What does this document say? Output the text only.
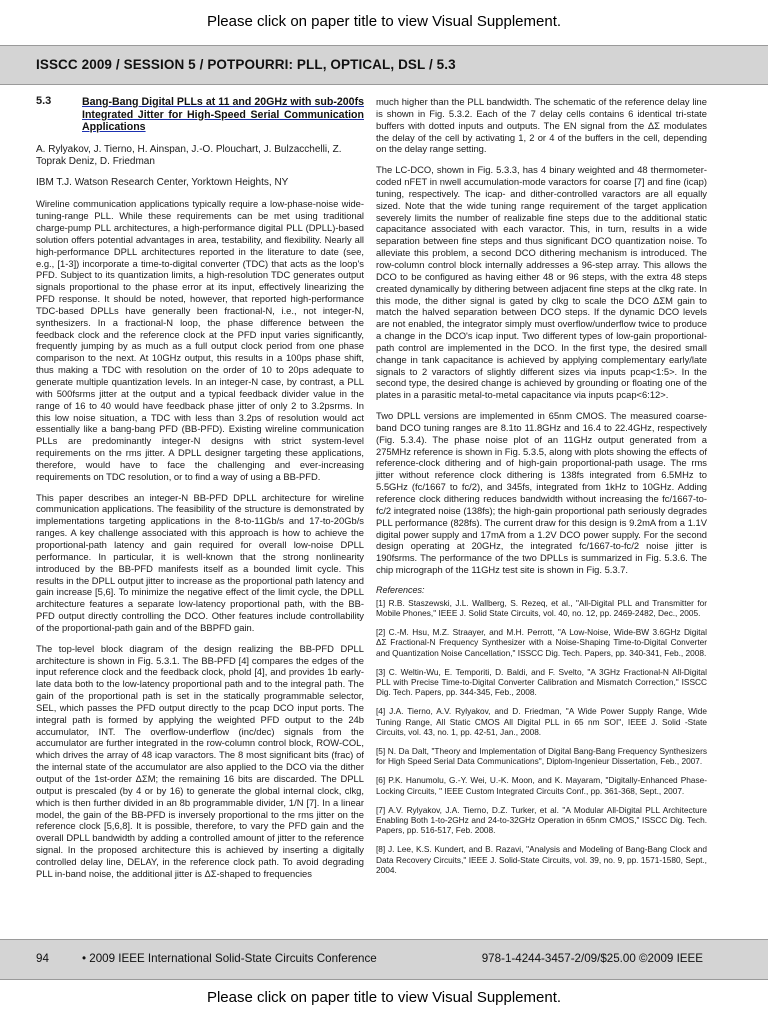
Please click on paper title to view Visual Supplement.
ISSCC 2009 / SESSION 5 / POTPOURRI: PLL, OPTICAL, DSL / 5.3
5.3	Bang-Bang Digital PLLs at 11 and 20GHz with sub-200fs Integrated Jitter for High-Speed Serial Communication Applications
A. Rylyakov, J. Tierno, H. Ainspan, J.-O. Plouchart, J. Bulzacchelli, Z. Toprak Deniz, D. Friedman
IBM T.J. Watson Research Center, Yorktown Heights, NY

Wireline communication applications typically require a low-phase-noise wide-tuning-range PLL. While these requirements can be met using traditional charge-pump PLL architectures, a high-performance digital PLL (DPLL)-based solution offers potential advantages in area, testability, and flexibility. Nearly all high-performance DPLL architectures reported in the literature to date (see, e.g., [1-3]) incorporate a time-to-digital converter (TDC) that acts as the loop's PFD. Subject to its quantization limits, a high-resolution TDC generates output signals proportional to the phase error at its input, effectively linearizing the PFD response. It should be noted, however, that reported high-performance TDC-based DPLLs have generally been fractional-N, i.e., not integer-N, synthesizers. In a fractional-N loop, the phase difference between the feedback clock and the reference clock at the PFD input varies significantly, frequently jumping by as much as a full output clock period from one phase comparison to the next. At 10GHz output, this results in a 100ps phase shift, thus making a TDC with resolution on the order of 10 to 20ps adequate to generate multiple quantization levels. In an integer-N case, by contrast, a PLL with 500fsrms jitter at the output and a typical feedback divider value in the range of 16 to 40 would have feedback phase jitter of only 2 to 3.2psrms. In this low noise situation, a TDC with less than 3.2ps of resolution would act essentially like a bang-bang PFD (BB-PFD). Existing wireline communication PLLs are predominantly integer-N designs with strict system-level requirements on the rms jitter. A DPLL designer targeting these applications, therefore, would have to face the challenging and ever-increasing requirements on TDC resolution, or to find a way of using a BB-PFD.

This paper describes an integer-N BB-PFD DPLL architecture for wireline communication applications. The feasibility of the structure is demonstrated by implementations targeting applications in the 8-to-11Gb/s and 17-to-20Gb/s ranges. A key challenge associated with this approach is how to achieve the proportional-path latency and gain required for overall low-noise DPLL performance. In particular, it is well-known that the strong nonlinearity introduced by the BB-PFD manifests itself as a bounded limit cycle. This results in the DPLL output jitter to increase as the proportional path latency and gain increase [5,6]. To minimize the negative effect of the limit cycle, the DPLL architecture features a separate low-latency proportional path, with the BB-PFD output directly controlling the DCO. Other features include controllability of the proportional-path gain and of the BBPFD gain.

The top-level block diagram of the design realizing the BB-PFD DPLL architecture is shown in Fig. 5.3.1. The BB-PFD [4] compares the edges of the input reference clock and the feedback clock, phold [4], and provides 1b early-late data both to the low-latency proportional path and to the integral path. The gain of the proportional path is set in the statically programmable selector, SEL, which passes the PFD output directly to the pcap DCO input ports. The integral path is formed by applying the weighted PFD output to the 24b accumulator, INT. The overflow-underflow (inc/dec) signals from the accumulator are further integrated in the row-column control block, ROW-COL, which drives the array of 48 icap varactors. The 8 most significant bits (frac) of the internal state of the accumulator are also applied to the DCO via the dither output of the 1st-order ΔΣM; the remaining 16 bits are discarded. The DPLL output is prescaled (by 4 or by 16) to generate the global internal clock, clkg, which is then further divided in an 8b programmable divider, 1/N [7]. In a linear model, the gain of the BB-PFD is inversely proportional to the rms jitter on the reference clock [5,6,8]. It is possible, therefore, to vary the PFD gain and the overall DPLL bandwidth by adding a controlled amount of jitter to the reference signal. In the proposed architecture this is achieved by inserting a digitally controlled delay line, DELAY, in the reference clock path. To avoid degrading PLL in-band noise, the additional jitter is ΔΣ-shaped to frequencies

much higher than the PLL bandwidth. The schematic of the reference delay line is shown in Fig. 5.3.2. Each of the 7 delay cells contains 6 identical tri-state buffers with dotted inputs and outputs. The EN signal from the ΔΣ modulates the delay of the cell by activating 1, 2 or 4 of the buffers in the cell, depending on the delay range setting.

The LC-DCO, shown in Fig. 5.3.3, has 4 binary weighted and 48 thermometer-coded nFET in nwell accumulation-mode varactors for coarse [7] and fine (icap) tuning, respectively. The icap- and dither-controlled varactors are all equally sized. Note that the wide tuning range requirement of the target application severely limits the number of realizable fine steps due to the additional static capacitance associated with each varactor. This, in turn, results in a wide separation between fine steps and thus significant DCO quantization noise. To alleviate this problem, a second DCO dithering mechanism is introduced. The row-column control block internally addresses a 96-step array. This allows the DCO to be configured as having either 48 or 96 steps, with the extra 48 steps created dynamically by dithering between adjacent fine steps at the clkg rate. In this mode, the dither signal is gated by clkg to scale the DCO ΔΣM gain to match the halved separation between DCO steps. If the dynamic DCO levels are not enabled, the integrator simply must overflow/underflow twice to produce a change in the DCO's icap input. Two different types of low-gain proportional-path control are implemented in the DCO. In the first type, the desired small change in tank capacitance is achieved by applying complementary early/late signals to 2 varactors of slightly different sizes via inputs pcap<1:5>. In the second type, the desired change is achieved by grounding or floating one of the plates in a parasitic metal-to-metal capacitance via inputs pcap<6:12>.

Two DPLL versions are implemented in 65nm CMOS. The measured coarse-band DCO tuning ranges are 8.1to 11.8GHz and 16.4 to 22.4GHz, respectively (Fig. 5.3.4). The phase noise plot of an 11GHz output generated from a 275MHz reference is shown in Fig. 5.3.5, along with plots showing the effects of reference-clock dithering and of high-gain proportional-path usage. The rms jitter without reference clock dithering is 138fs integrated from 6.5MHz to 5.5GHz (fc/1667 to fc/2), and 345fs, integrated from 1kHz to 10GHz. Adding reference clock dithering reduces bandwidth without increasing the fc/1667-to-fc/2 integrated noise (138fs); the high-gain proportional path seriously degrades PLL performance (828fs). The current draw for this design is 9.2mA from a 1.1V digital power supply and 17mA from a 1.2V DCO power supply. For the second design operating at 20GHz, the integrated fc/1667-to-fc/2 noise jitter is 190fsrms. The performance of the two DPLLs is summarized in Fig. 5.3.6. The chip micrograph of the 11GHz test site is shown in Fig. 5.3.7.

References:

[1] R.B. Staszewski, J.L. Wallberg, S. Rezeq, et al., "All-Digital PLL and Transmitter for Mobile Phones," IEEE J. Solid State Circuits, vol. 40, no. 12, pp. 2469-2482, Dec., 2005.

[2] C.-M. Hsu, M.Z. Straayer, and M.H. Perrott, "A Low-Noise, Wide-BW 3.6GHz Digital ΔΣ Fractional-N Frequency Synthesizer with a Noise-Shaping Time-to-Digital Converter and Quantization Noise Cancellation," ISSCC Dig. Tech. Papers, pp. 340-341, Feb., 2008.

[3] C. Weltin-Wu, E. Temporiti, D. Baldi, and F. Svelto, "A 3GHz Fractional-N All-Digital PLL with Precise Time-to-Digital Converter Calibration and Mismatch Correction," ISSCC Dig. Tech. Papers, pp. 344-345, Feb., 2008.

[4] J.A. Tierno, A.V. Rylyakov, and D. Friedman, "A Wide Power Supply Range, Wide Tuning Range, All Static CMOS All Digital PLL in 65 nm SOI", IEEE J. Solid -State Circuits, vol. 43, no. 1, pp. 42-51, Jan., 2008.

[5] N. Da Dalt, "Theory and Implementation of Digital Bang-Bang Frequency Synthesizers for High Speed Serial Data Communications", Diplom-Ingenieur Dissertation, Feb., 2007.

[6] P.K. Hanumolu, G.-Y. Wei, U.-K. Moon, and K. Mayaram, "Digitally-Enhanced Phase-Locking Circuits, " IEEE Custom Integrated Circuits Conf., pp. 361-368, Sept., 2007.

[7] A.V. Rylyakov, J.A. Tierno, D.Z. Turker, et al. "A Modular All-Digital PLL Architecture Enabling Both 1-to-2GHz and 24-to-32GHz Operation in 65nm CMOS," ISSCC Dig. Tech. Papers, pp. 516-517, Feb. 2008.

[8] J. Lee, K.S. Kundert, and B. Razavi, "Analysis and Modeling of Bang-Bang Clock and Data Recovery Circuits," IEEE J. Solid-State Circuits, vol. 39, no. 9, pp. 1571-1580, Sept., 2004.

94	• 2009 IEEE International Solid-State Circuits Conference	978-1-4244-3457-2/09/$25.00 ©2009 IEEE
Please click on paper title to view Visual Supplement.
